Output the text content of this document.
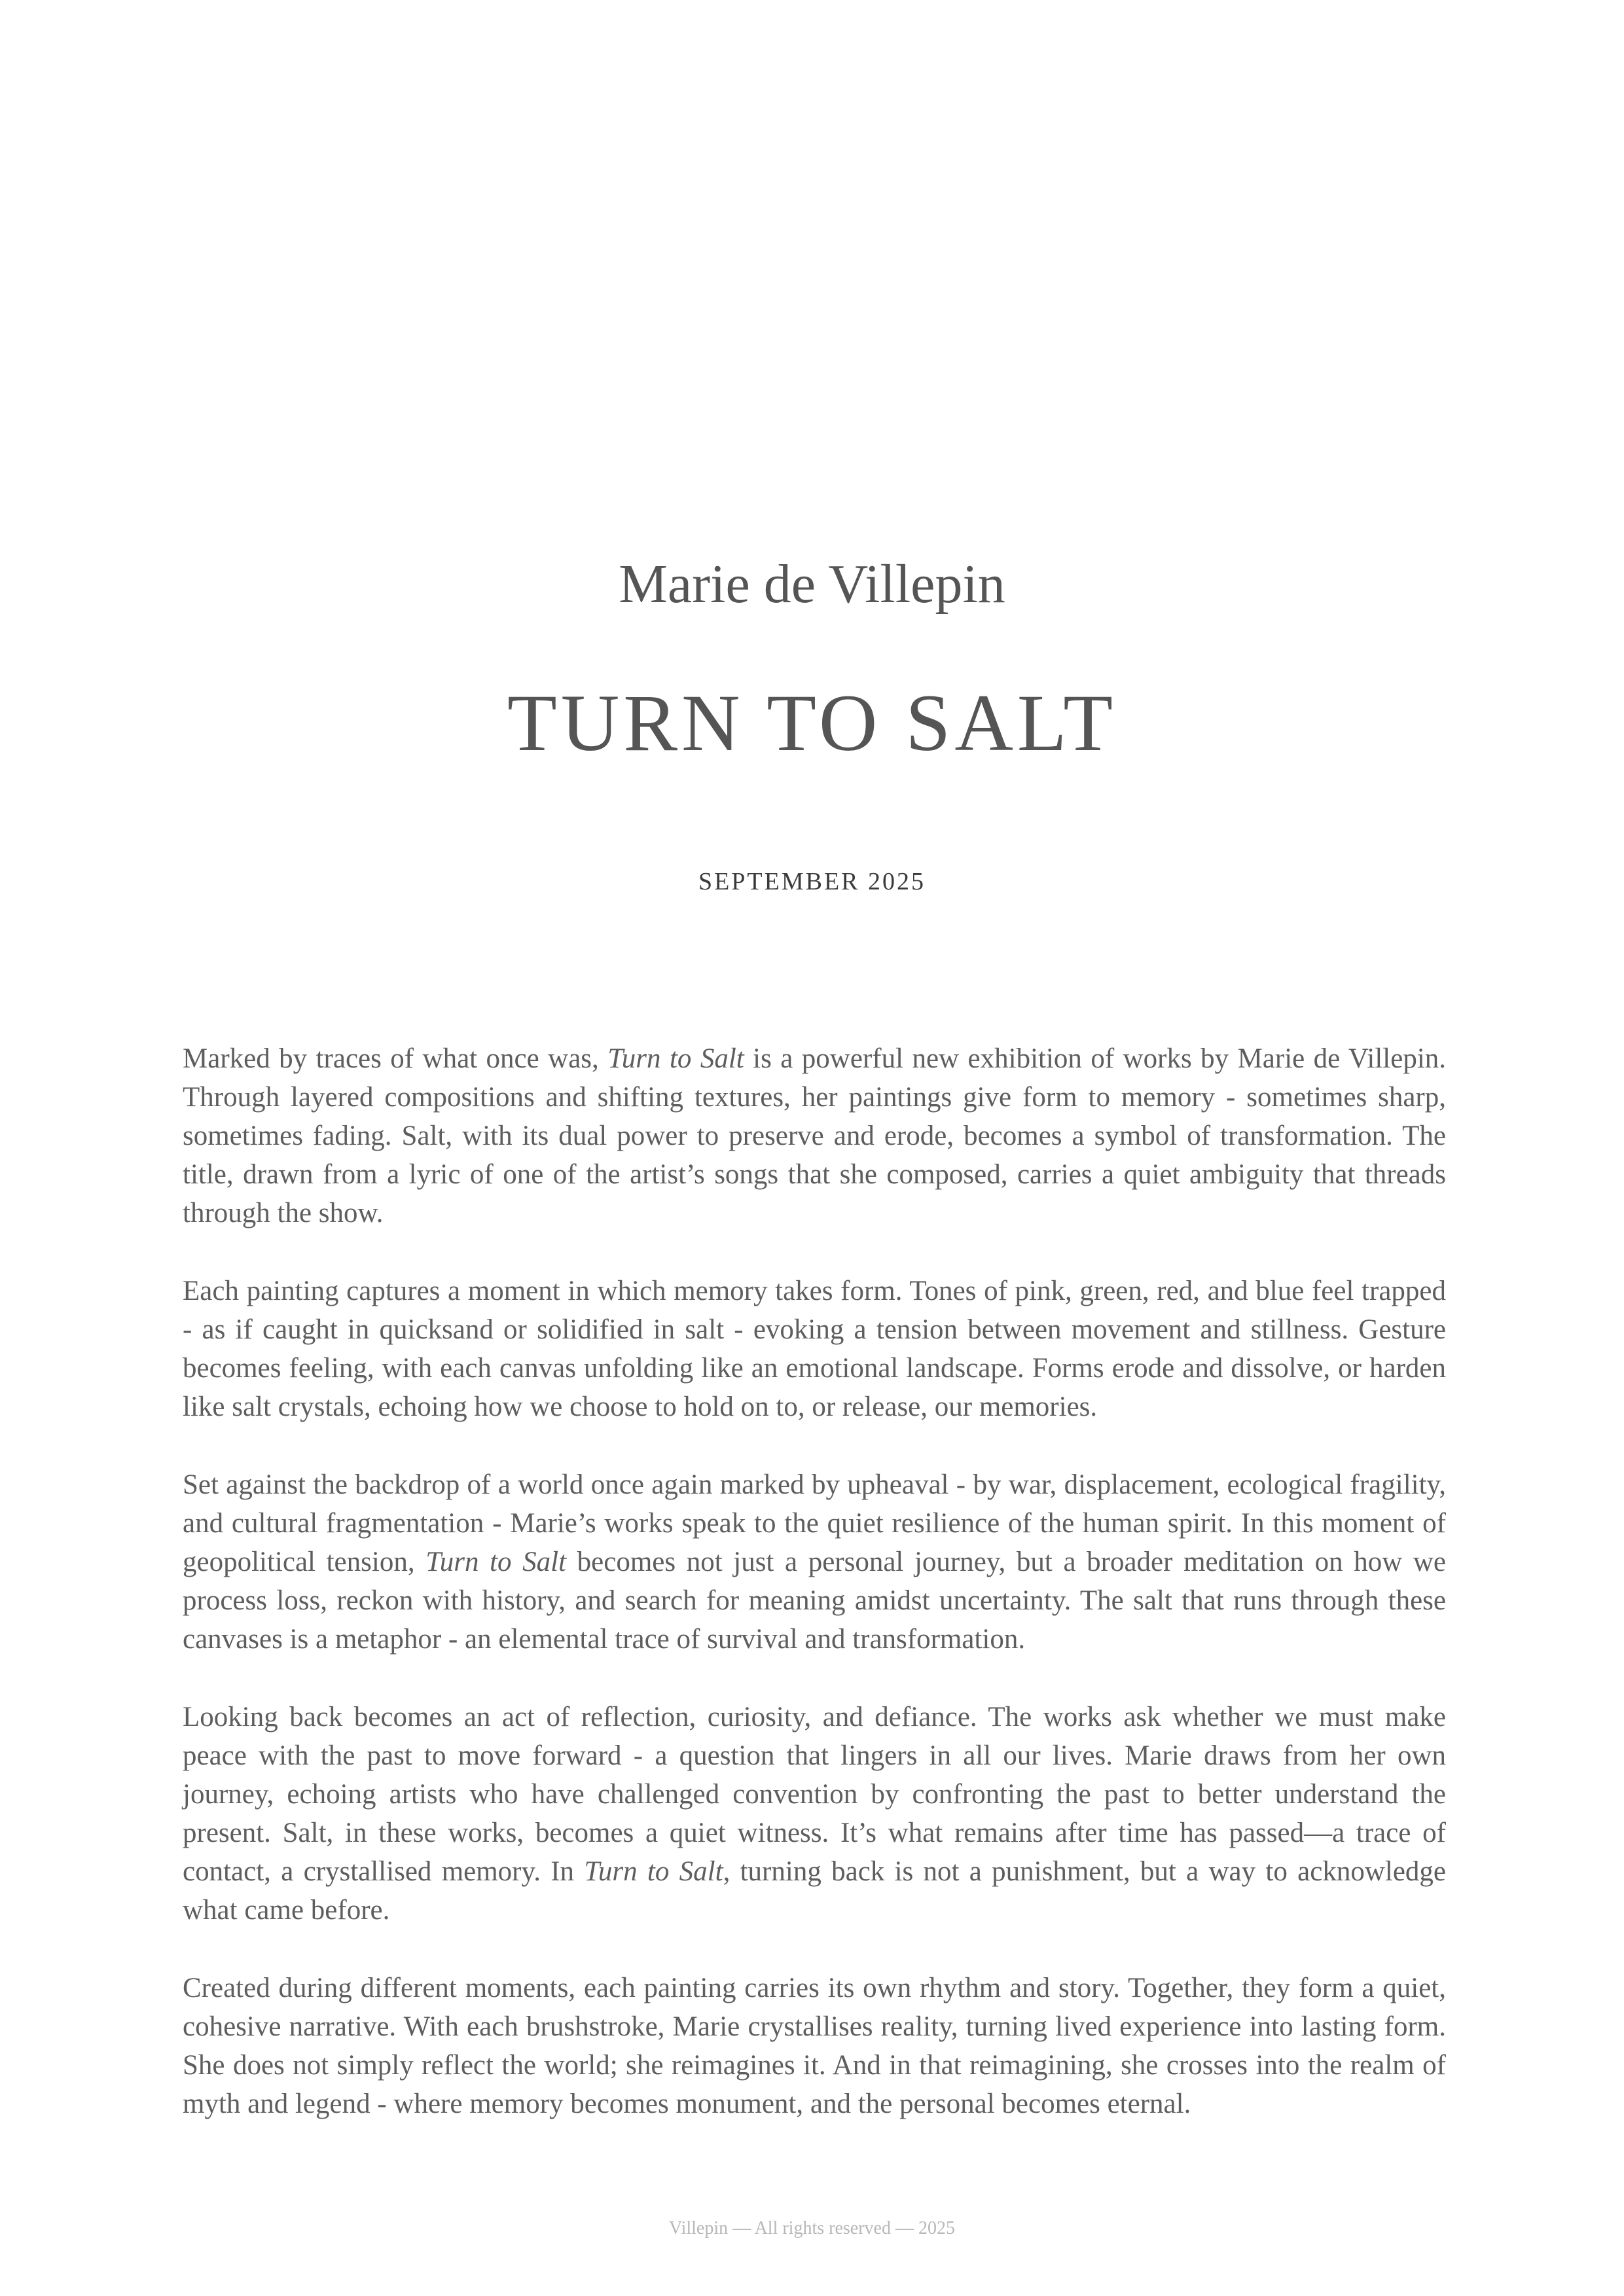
Marie de Villepin
TURN TO SALT

SEPTEMBER 2025

Marked by traces of what once was, Turn to Salt is a powerful new exhibition of works by Marie de Villepin. Through layered compositions and shifting textures, her paintings give form to memory - sometimes sharp, sometimes fading. Salt, with its dual power to preserve and erode, becomes a symbol of transformation. The title, drawn from a lyric of one of the artist’s songs that she composed, carries a quiet ambiguity that threads through the show.

Each painting captures a moment in which memory takes form. Tones of pink, green, red, and blue feel trapped - as if caught in quicksand or solidified in salt - evoking a tension between movement and stillness. Gesture becomes feeling, with each canvas unfolding like an emotional landscape. Forms erode and dissolve, or harden like salt crystals, echoing how we choose to hold on to, or release, our memories.

Set against the backdrop of a world once again marked by upheaval - by war, displacement, ecological fragility, and cultural fragmentation - Marie’s works speak to the quiet resilience of the human spirit. In this moment of geopolitical tension, Turn to Salt becomes not just a personal journey, but a broader meditation on how we process loss, reckon with history, and search for meaning amidst uncertainty. The salt that runs through these canvases is a metaphor - an elemental trace of survival and transformation.

Looking back becomes an act of reflection, curiosity, and defiance. The works ask whether we must make peace with the past to move forward - a question that lingers in all our lives. Marie draws from her own journey, echoing artists who have challenged convention by confronting the past to better understand the present. Salt, in these works, becomes a quiet witness. It’s what remains after time has passed—a trace of contact, a crystallised memory. In Turn to Salt, turning back is not a punishment, but a way to acknowledge what came before.

Created during different moments, each painting carries its own rhythm and story. Together, they form a quiet, cohesive narrative. With each brushstroke, Marie crystallises reality, turning lived experience into lasting form. She does not simply reflect the world; she reimagines it. And in that reimagining, she crosses into the realm of myth and legend - where memory becomes monument, and the personal becomes eternal.

Villepin — All rights reserved — 2025
